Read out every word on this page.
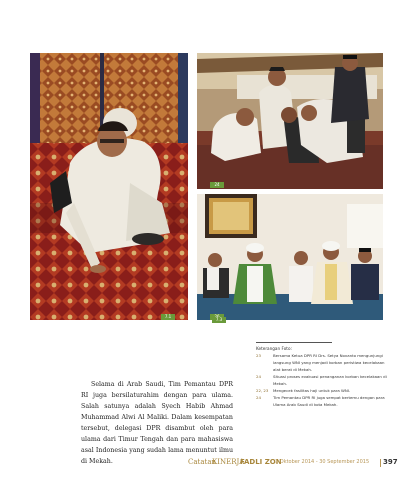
7.1
24
7.3
Keterangan Foto:
23	Bersama Ketua DPR RI Drs. Setya Novanto mengunjungi langsung WNI yang menjadi korban peristiwa kecelakaan alat berat di Mekah.
24	Situasi proses evakuasi penanganan korban kecelakaan di Mekah.
22, 23	Mengecek fasilitas haji untuk para WNI.
24	Tim Pemantau DPR RI juga sempat bertemu dengan para Ulama Arab Saudi di kota Mekah.

Selama di Arab Saudi, Tim Pemantau DPR RI juga bersilaturahim dengan para ulama. Salah satunya adalah Syech Habib Ahmad Muhammad Alwi Al Maliki. Dalam kesempatan tersebut, delegasi DPR disambut oleh para ulama dari Timur Tengah dan para mahasiswa asal Indonesia yang sudah lama menuntut ilmu di Mekah.	Catatan
KINERJA
FADLI ZON
1 Oktober 2014 - 30 September 2015 397
